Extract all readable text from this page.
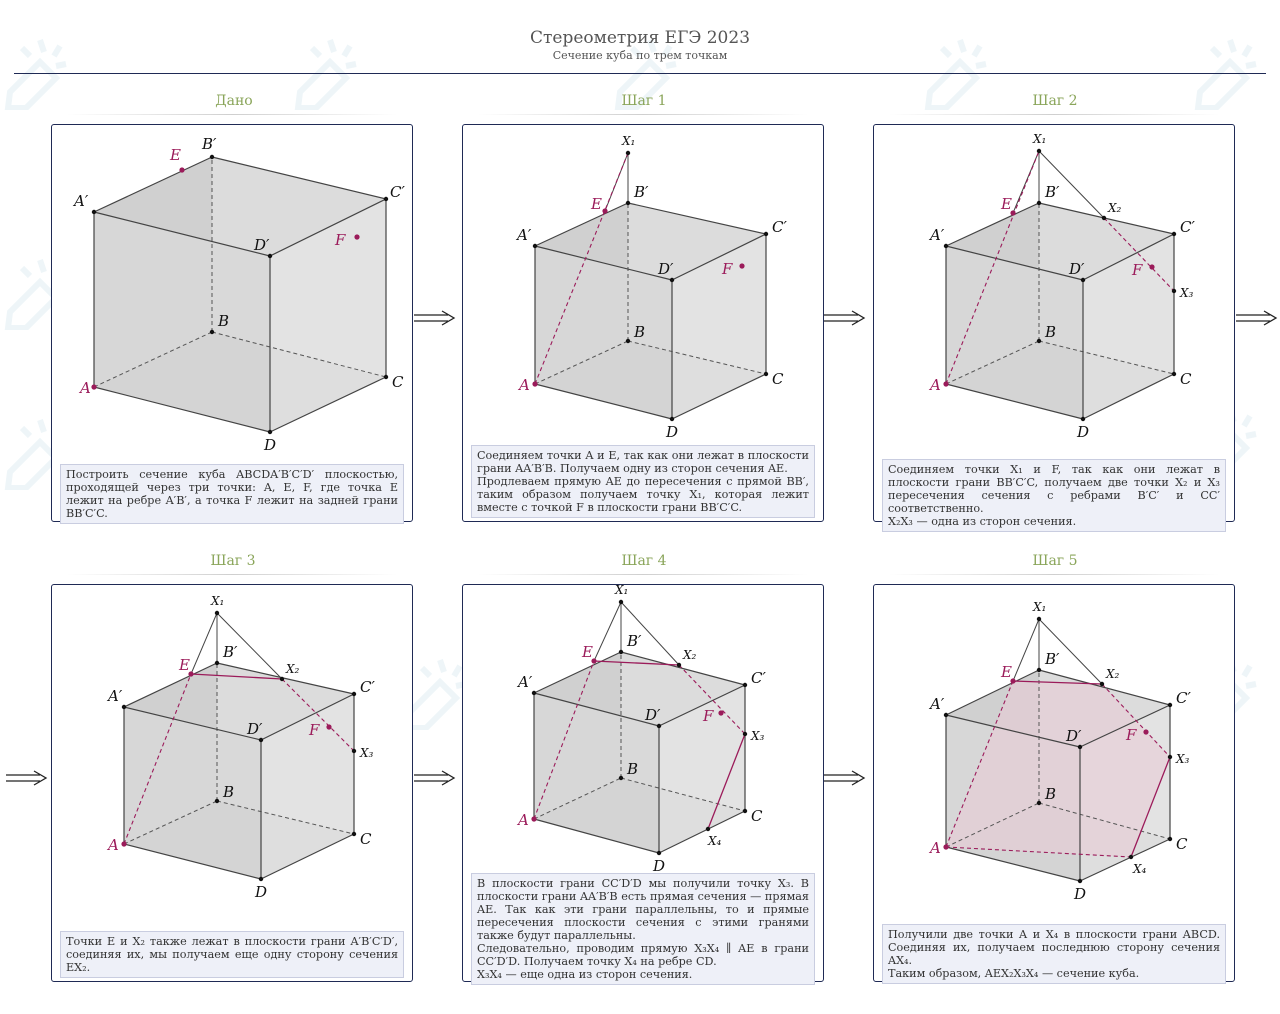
Стереометрия ЕГЭ 2023
Сечение куба по трем точкам
Дано	Шаг 1	Шаг 2
Шаг 3	Шаг 4	Шаг 5

Построить сечение куба ABCDA′B′C′D′ плоскостью, проходящей через три точки: A, E, F, где точка E лежит на ребре A′B′, а точка F лежит на задней грани BB′C′C.

A
B
C
D
A′
B′
C′
D′
E
F

Соединяем точки A и E, так как они лежат в плоскости грани AA′B′B. Получаем одну из сторон сечения AE.

Продлеваем прямую AE до пересечения с прямой BB′, таким образом получаем точку X₁, которая лежит вместе с точкой F в плоскости грани BB′C′C.

A
B
C
D
A′
B′
C′
D′
E
F
X₁

Соединяем точки X₁ и F, так как они лежат в плоскости грани BB′C′C, получаем две точки X₂ и X₃ пересечения сечения с ребрами B′C′ и CC′ соответственно.

X₂X₃ — одна из сторон сечения.

A
B
C
D
A′
B′
C′
D′
E
F
X₁
X₂
X₃

Точки E и X₂ также лежат в плоскости грани A′B′C′D′, соединяя их, мы получаем еще одну сторону сечения EX₂.

A
B
C
D
A′
B′
C′
D′
E
F
X₁
X₂
X₃

В плоскости грани CC′D′D мы получили точку X₃. В плоскости грани AA′B′B есть прямая сечения — прямая AE. Так как эти грани параллельны, то и прямые пересечения плоскости сечения с этими гранями также будут параллельны.

Следовательно, проводим прямую X₃X₄ ∥ AE в грани CC′D′D. Получаем точку X₄ на ребре CD.

X₃X₄ — еще одна из сторон сечения.

A
B
C
D
A′
B′
C′
D′
E
F
X₁
X₂
X₃
X₄

Получили две точки A и X₄ в плоскости грани ABCD. Соединяя их, получаем последнюю сторону сечения AX₄.

Таким образом, AEX₂X₃X₄ — сечение куба.

A
B
C
D
A′
B′
C′
D′
E
F
X₁
X₂
X₃
X₄
